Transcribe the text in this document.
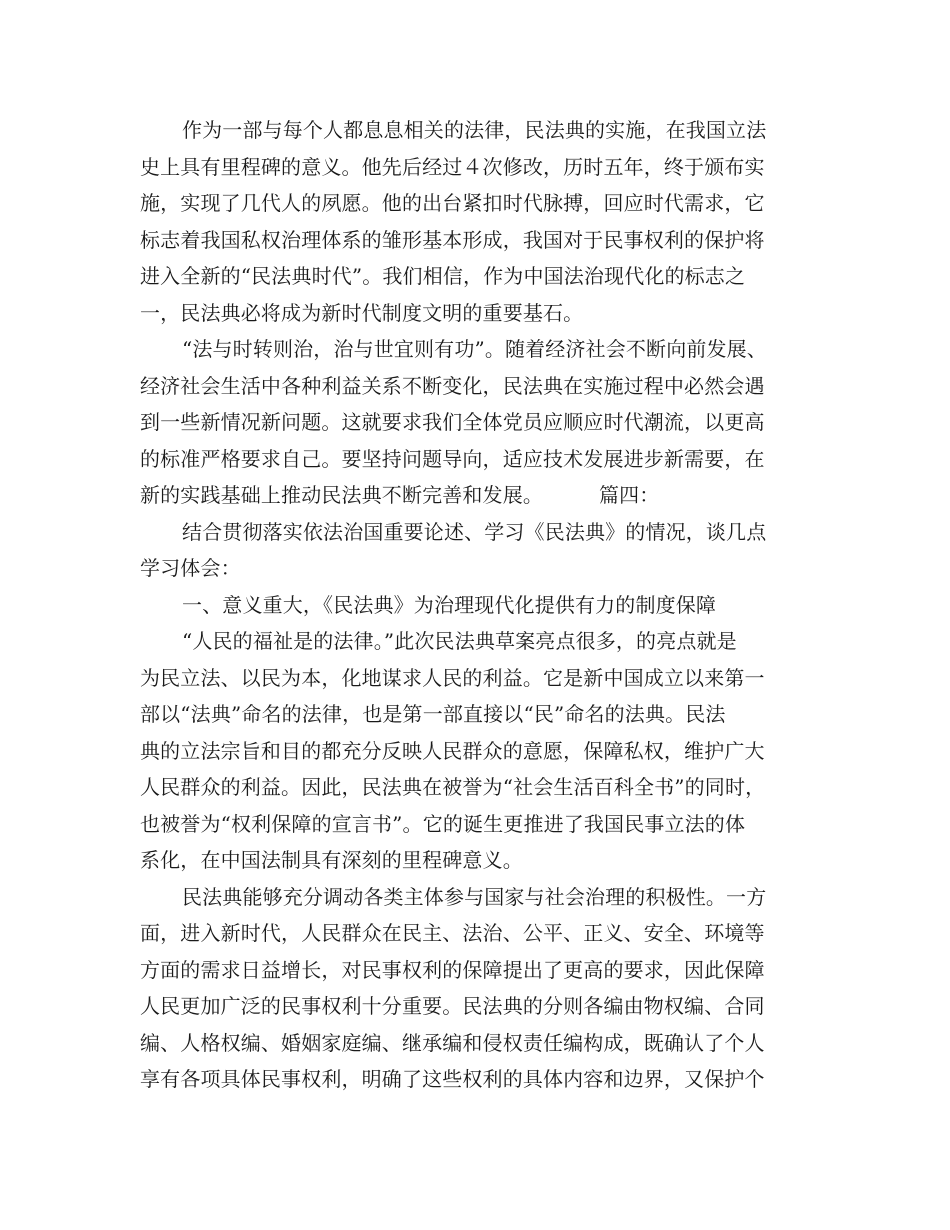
作为一部与每个人都息息相关的法律，民法典的实施，在我国立法
史上具有里程碑的意义。他先后经过４次修改，历时五年，终于颁布实
施，实现了几代人的夙愿。他的出台紧扣时代脉搏，回应时代需求，它
标志着我国私权治理体系的雏形基本形成，我国对于民事权利的保护将
进入全新的“民法典时代”。我们相信，作为中国法治现代化的标志之
一，民法典必将成为新时代制度文明的重要基石。
“法与时转则治，治与世宜则有功”。随着经济社会不断向前发展、
经济社会生活中各种利益关系不断变化，民法典在实施过程中必然会遇
到一些新情况新问题。这就要求我们全体党员应顺应时代潮流，以更高
的标准严格要求自己。要坚持问题导向，适应技术发展进步新需要，在
新的实践基础上推动民法典不断完善和发展。	篇四：
结合贯彻落实依法治国重要论述、学习《民法典》的情况，谈几点
学习体会：
一、意义重大，《民法典》为治理现代化提供有力的制度保障
“人民的福祉是的法律。”此次民法典草案亮点很多，的亮点就是
为民立法、以民为本，化地谋求人民的利益。它是新中国成立以来第一
部以“法典”命名的法律，也是第一部直接以“民”命名的法典。民法
典的立法宗旨和目的都充分反映人民群众的意愿，保障私权，维护广大
人民群众的利益。因此，民法典在被誉为“社会生活百科全书”的同时，
也被誉为“权利保障的宣言书”。它的诞生更推进了我国民事立法的体
系化，在中国法制具有深刻的里程碑意义。
民法典能够充分调动各类主体参与国家与社会治理的积极性。一方
面，进入新时代，人民群众在民主、法治、公平、正义、安全、环境等
方面的需求日益增长，对民事权利的保障提出了更高的要求，因此保障
人民更加广泛的民事权利十分重要。民法典的分则各编由物权编、合同
编、人格权编、婚姻家庭编、继承编和侵权责任编构成，既确认了个人
享有各项具体民事权利，明确了这些权利的具体内容和边界，又保护个
